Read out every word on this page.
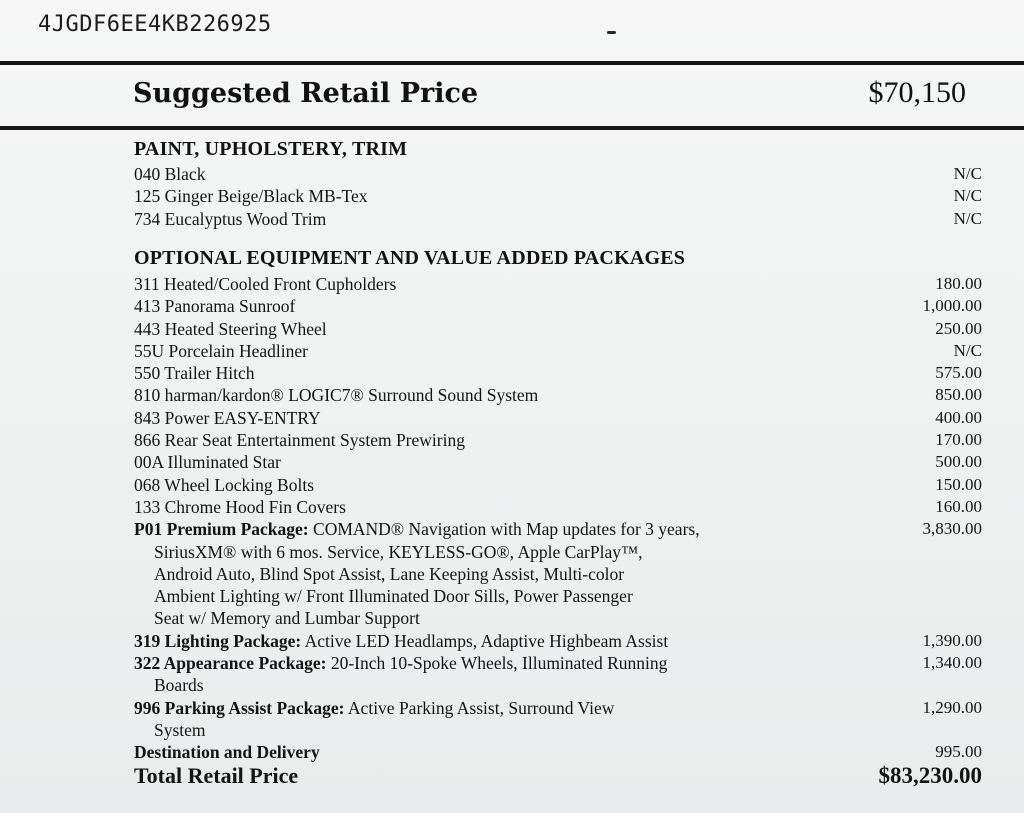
4JGDF6EE4KB226925
Suggested Retail Price	$70,150
PAINT, UPHOLSTERY, TRIM
040 Black	N/C
125 Ginger Beige/Black MB-Tex	N/C
734 Eucalyptus Wood Trim	N/C
OPTIONAL EQUIPMENT AND VALUE ADDED PACKAGES
311 Heated/Cooled Front Cupholders	180.00
413 Panorama Sunroof	1,000.00
443 Heated Steering Wheel	250.00
55U Porcelain Headliner	N/C
550 Trailer Hitch	575.00
810 harman/kardon® LOGIC7® Surround Sound System	850.00
843 Power EASY-ENTRY	400.00
866 Rear Seat Entertainment System Prewiring	170.00
00A Illuminated Star	500.00
068 Wheel Locking Bolts	150.00
133 Chrome Hood Fin Covers	160.00
P01 Premium Package: COMAND® Navigation with Map updates for 3 years,	3,830.00
SiriusXM® with 6 mos. Service, KEYLESS-GO®, Apple CarPlay™,
Android Auto, Blind Spot Assist, Lane Keeping Assist, Multi-color
Ambient Lighting w/ Front Illuminated Door Sills, Power Passenger
Seat w/ Memory and Lumbar Support
319 Lighting Package: Active LED Headlamps, Adaptive Highbeam Assist	1,390.00
322 Appearance Package: 20-Inch 10-Spoke Wheels, Illuminated Running	1,340.00
Boards
996 Parking Assist Package: Active Parking Assist, Surround View	1,290.00
System
Destination and Delivery	995.00
Total Retail Price	$83,230.00
